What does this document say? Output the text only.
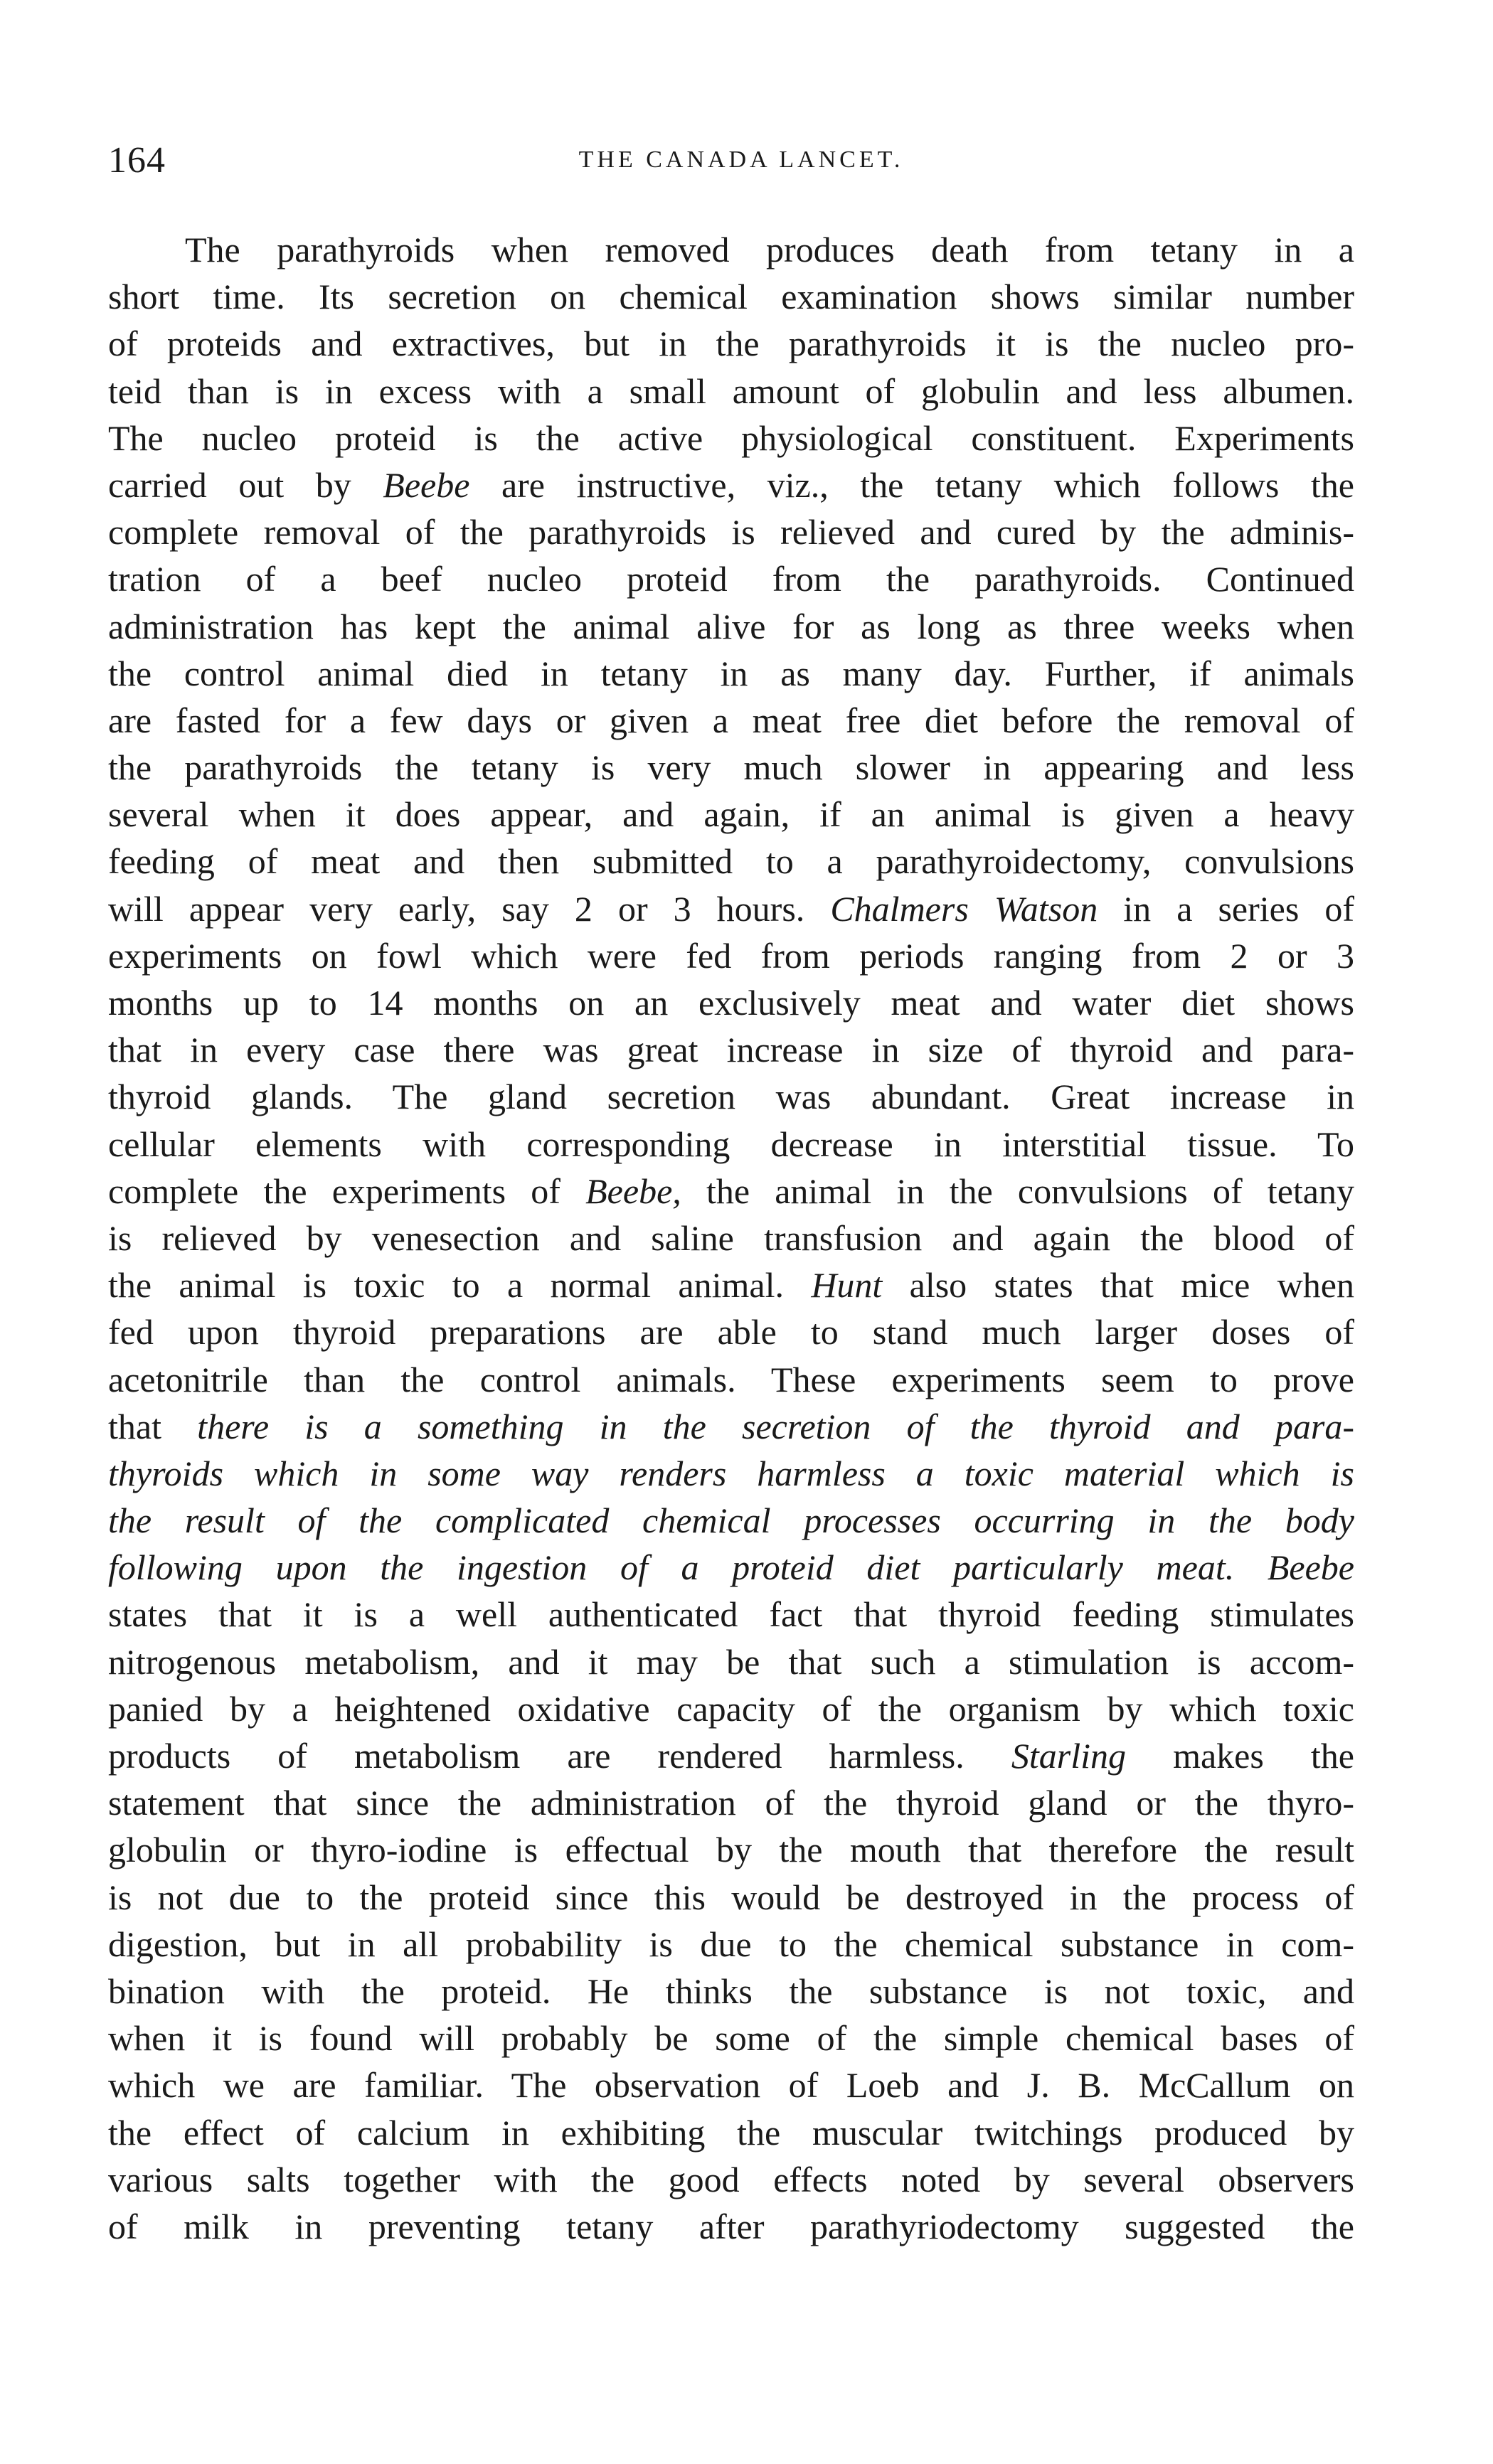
164	THE CANADA LANCET.
The parathyroids when removed produces death from tetany in a
short time. Its secretion on chemical examination shows similar number
of proteids and extractives, but in the parathyroids it is the nucleo pro-
teid than is in excess with a small amount of globulin and less albumen.
The nucleo proteid is the active physiological constituent. Experiments
carried out by Beebe are instructive, viz., the tetany which follows the
complete removal of the parathyroids is relieved and cured by the adminis-
tration of a beef nucleo proteid from the parathyroids. Continued
administration has kept the animal alive for as long as three weeks when
the control animal died in tetany in as many day. Further, if animals
are fasted for a few days or given a meat free diet before the removal of
the parathyroids the tetany is very much slower in appearing and less
several when it does appear, and again, if an animal is given a heavy
feeding of meat and then submitted to a parathyroidectomy, convulsions
will appear very early, say 2 or 3 hours. Chalmers Watson in a series of
experiments on fowl which were fed from periods ranging from 2 or 3
months up to 14 months on an exclusively meat and water diet shows
that in every case there was great increase in size of thyroid and para-
thyroid glands. The gland secretion was abundant. Great increase in
cellular elements with corresponding decrease in interstitial tissue. To
complete the experiments of Beebe, the animal in the convulsions of tetany
is relieved by venesection and saline transfusion and again the blood of
the animal is toxic to a normal animal. Hunt also states that mice when
fed upon thyroid preparations are able to stand much larger doses of
acetonitrile than the control animals. These experiments seem to prove
that there is a something in the secretion of the thyroid and para-
thyroids which in some way renders harmless a toxic material which is
the result of the complicated chemical processes occurring in the body
following upon the ingestion of a proteid diet particularly meat. Beebe
states that it is a well authenticated fact that thyroid feeding stimulates
nitrogenous metabolism, and it may be that such a stimulation is accom-
panied by a heightened oxidative capacity of the organism by which toxic
products of metabolism are rendered harmless. Starling makes the
statement that since the administration of the thyroid gland or the thyro-
globulin or thyro-iodine is effectual by the mouth that therefore the result
is not due to the proteid since this would be destroyed in the process of
digestion, but in all probability is due to the chemical substance in com-
bination with the proteid. He thinks the substance is not toxic, and
when it is found will probably be some of the simple chemical bases of
which we are familiar. The observation of Loeb and J. B. McCallum on
the effect of calcium in exhibiting the muscular twitchings produced by
various salts together with the good effects noted by several observers
of milk in preventing tetany after parathyriodectomy suggested the
